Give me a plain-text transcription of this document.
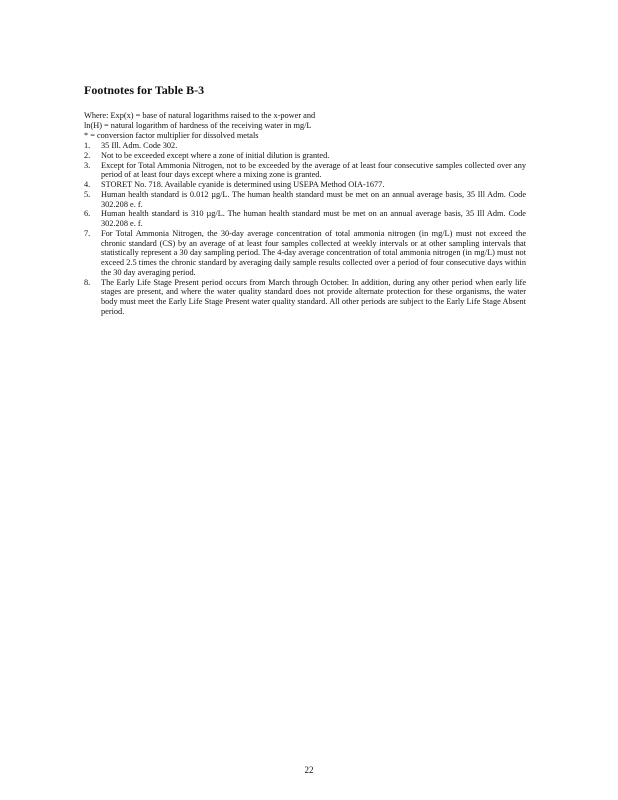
Footnotes for Table B-3
Where: Exp(x) = base of natural logarithms raised to the x-power and
ln(H) = natural logarithm of hardness of the receiving water in mg/L
* = conversion factor multiplier for dissolved metals
1. 35 Ill. Adm. Code 302.
2. Not to be exceeded except where a zone of initial dilution is granted.
3. Except for Total Ammonia Nitrogen, not to be exceeded by the average of at least four consecutive samples collected over any period of at least four days except where a mixing zone is granted.
4. STORET No. 718. Available cyanide is determined using USEPA Method OIA-1677.
5. Human health standard is 0.012 µg/L. The human health standard must be met on an annual average basis, 35 Ill Adm. Code 302.208 e. f.
6. Human health standard is 310 µg/L. The human health standard must be met on an annual average basis, 35 Ill Adm. Code 302.208 e. f.
7. For Total Ammonia Nitrogen, the 30-day average concentration of total ammonia nitrogen (in mg/L) must not exceed the chronic standard (CS) by an average of at least four samples collected at weekly intervals or at other sampling intervals that statistically represent a 30 day sampling period. The 4-day average concentration of total ammonia nitrogen (in mg/L) must not exceed 2.5 times the chronic standard by averaging daily sample results collected over a period of four consecutive days within the 30 day averaging period.
8. The Early Life Stage Present period occurs from March through October. In addition, during any other period when early life stages are present, and where the water quality standard does not provide alternate protection for these organisms, the water body must meet the Early Life Stage Present water quality standard. All other periods are subject to the Early Life Stage Absent period.
22
